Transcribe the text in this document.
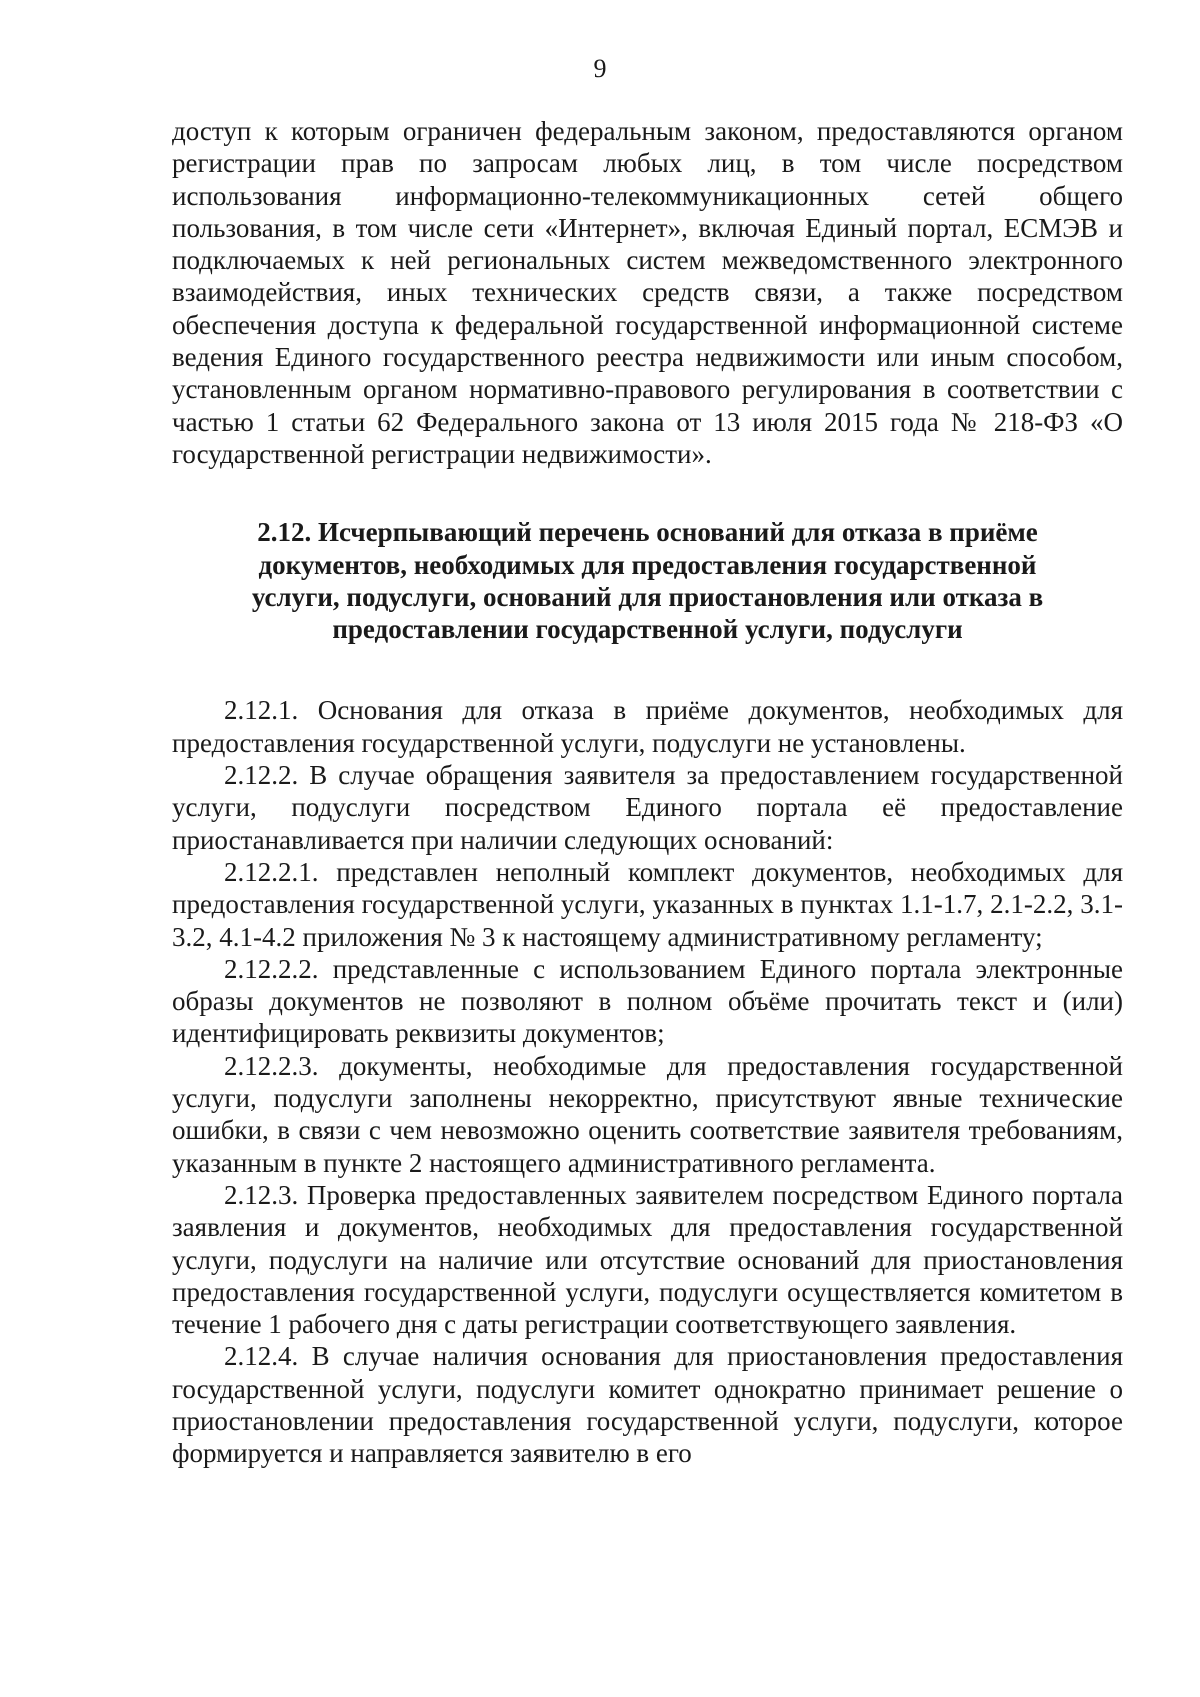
9

доступ к которым ограничен федеральным законом, предоставляются органом регистрации прав по запросам любых лиц, в том числе посредством использования информационно-телекоммуникационных сетей общего пользования, в том числе сети «Интернет», включая Единый портал, ЕСМЭВ и подключаемых к ней региональных систем межведомственного электронного взаимодействия, иных технических средств связи, а также посредством обеспечения доступа к федеральной государственной информационной системе ведения Единого государственного реестра недвижимости или иным способом, установленным органом нормативно-правового регулирования в соответствии с частью 1 статьи 62 Федерального закона от 13 июля 2015 года № 218-ФЗ «О государственной регистрации недвижимости».

2.12. Исчерпывающий перечень оснований для отказа в приёме документов, необходимых для предоставления государственной услуги, подуслуги, оснований для приостановления или отказа в предоставлении государственной услуги, подуслуги

2.12.1. Основания для отказа в приёме документов, необходимых для предоставления государственной услуги, подуслуги не установлены.

2.12.2. В случае обращения заявителя за предоставлением государственной услуги, подуслуги посредством Единого портала её предоставление приостанавливается при наличии следующих оснований:

2.12.2.1. представлен неполный комплект документов, необходимых для предоставления государственной услуги, указанных в пунктах 1.1-1.7, 2.1-2.2, 3.1-3.2, 4.1-4.2 приложения № 3 к настоящему административному регламенту;

2.12.2.2. представленные с использованием Единого портала электронные образы документов не позволяют в полном объёме прочитать текст и (или) идентифицировать реквизиты документов;

2.12.2.3. документы, необходимые для предоставления государственной услуги, подуслуги заполнены некорректно, присутствуют явные технические ошибки, в связи с чем невозможно оценить соответствие заявителя требованиям, указанным в пункте 2 настоящего административного регламента.

2.12.3. Проверка предоставленных заявителем посредством Единого портала заявления и документов, необходимых для предоставления государственной услуги, подуслуги на наличие или отсутствие оснований для приостановления предоставления государственной услуги, подуслуги осуществляется комитетом в течение 1 рабочего дня с даты регистрации соответствующего заявления.

2.12.4. В случае наличия основания для приостановления предоставления государственной услуги, подуслуги комитет однократно принимает решение о приостановлении предоставления государственной услуги, подуслуги, которое формируется и направляется заявителю в его
